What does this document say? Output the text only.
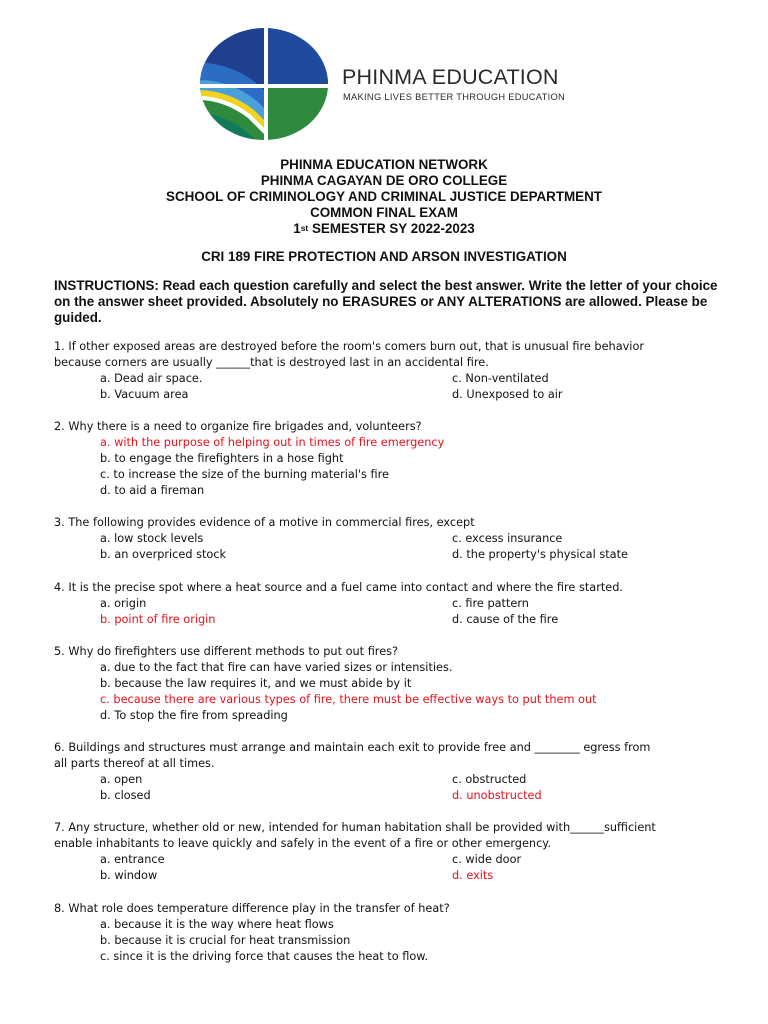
PHINMA EDUCATION
MAKING LIVES BETTER THROUGH EDUCATION
PHINMA EDUCATION NETWORK
PHINMA CAGAYAN DE ORO COLLEGE
SCHOOL OF CRIMINOLOGY AND CRIMINAL JUSTICE DEPARTMENT
COMMON FINAL EXAM
1st SEMESTER SY 2022-2023
CRI 189 FIRE PROTECTION AND ARSON INVESTIGATION
INSTRUCTIONS: Read each question carefully and select the best answer. Write the letter of your choice on the answer sheet provided. Absolutely no ERASURES or ANY ALTERATIONS are allowed. Please be guided.
1. If other exposed areas are destroyed before the room's comers burn out, that is unusual fire behavior
because corners are usually ______that is destroyed last in an accidental fire.
a. Dead air space.	c. Non-ventilated
b. Vacuum area	d. Unexposed to air
2. Why there is a need to organize fire brigades and, volunteers?
a. with the purpose of helping out in times of fire emergency
b. to engage the firefighters in a hose fight
c. to increase the size of the burning material's fire
d. to aid a fireman
3. The following provides evidence of a motive in commercial fires, except
a. low stock levels	c. excess insurance
b. an overpriced stock	d. the property's physical state
4. It is the precise spot where a heat source and a fuel came into contact and where the fire started.
a. origin	c. fire pattern
b. point of fire origin	d. cause of the fire
5. Why do firefighters use different methods to put out fires?
a. due to the fact that fire can have varied sizes or intensities.
b. because the law requires it, and we must abide by it
c. because there are various types of fire, there must be effective ways to put them out
d. To stop the fire from spreading
6. Buildings and structures must arrange and maintain each exit to provide free and ________ egress from
all parts thereof at all times.
a. open	c. obstructed
b. closed	d. unobstructed
7. Any structure, whether old or new, intended for human habitation shall be provided with______sufficient
enable inhabitants to leave quickly and safely in the event of a fire or other emergency.
a. entrance	c. wide door
b. window	d. exits
8. What role does temperature difference play in the transfer of heat?
a. because it is the way where heat flows
b. because it is crucial for heat transmission
c. since it is the driving force that causes the heat to flow.
